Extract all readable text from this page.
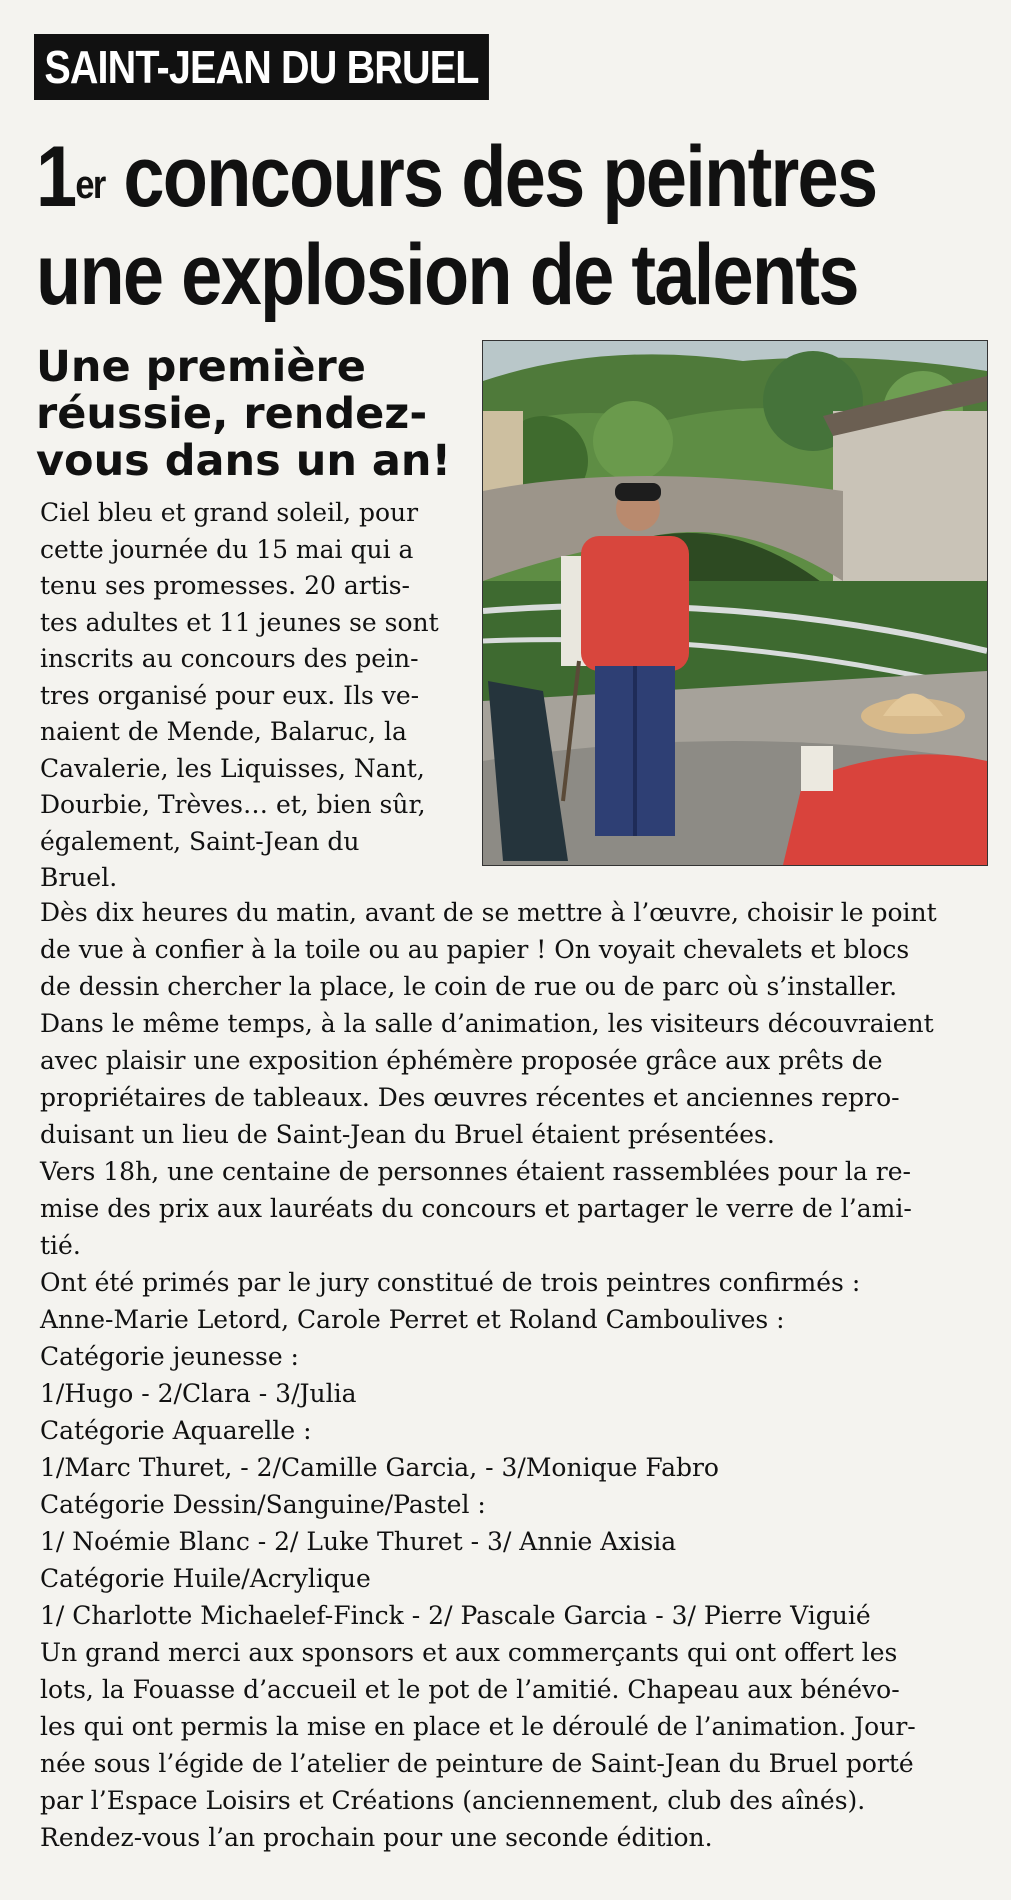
SAINT-JEAN DU BRUEL
1er concours des peintres
une explosion de talents
Une première
réussie, rendez-
vous dans un an!

Ciel bleu et grand soleil, pour
cette journée du 15 mai qui a
tenu ses promesses. 20 artis-
tes adultes et 11 jeunes se sont
inscrits au concours des pein-
tres organisé pour eux. Ils ve-
naient de Mende, Balaruc, la
Cavalerie, les Liquisses, Nant,
Dourbie, Trèves… et, bien sûr,
également, Saint-Jean du
Bruel.

Dès dix heures du matin, avant de se mettre à l’œuvre, choisir le point
de vue à confier à la toile ou au papier ! On voyait chevalets et blocs
de dessin chercher la place, le coin de rue ou de parc où s’installer.
Dans le même temps, à la salle d’animation, les visiteurs découvraient
avec plaisir une exposition éphémère proposée grâce aux prêts de
propriétaires de tableaux. Des œuvres récentes et anciennes repro-
duisant un lieu de Saint-Jean du Bruel étaient présentées.
Vers 18h, une centaine de personnes étaient rassemblées pour la re-
mise des prix aux lauréats du concours et partager le verre de l’ami-
tié.
Ont été primés par le jury constitué de trois peintres confirmés :
Anne-Marie Letord, Carole Perret et Roland Camboulives :
Catégorie jeunesse :
1/Hugo - 2/Clara - 3/Julia
Catégorie Aquarelle :
1/Marc Thuret, - 2/Camille Garcia, - 3/Monique Fabro
Catégorie Dessin/Sanguine/Pastel :
1/ Noémie Blanc - 2/ Luke Thuret - 3/ Annie Axisia
Catégorie Huile/Acrylique
1/ Charlotte Michaelef-Finck - 2/ Pascale Garcia - 3/ Pierre Viguié
Un grand merci aux sponsors et aux commerçants qui ont offert les
lots, la Fouasse d’accueil et le pot de l’amitié. Chapeau aux bénévo-
les qui ont permis la mise en place et le déroulé de l’animation. Jour-
née sous l’égide de l’atelier de peinture de Saint-Jean du Bruel porté
par l’Espace Loisirs et Créations (anciennement, club des aînés).
Rendez-vous l’an prochain pour une seconde édition.
